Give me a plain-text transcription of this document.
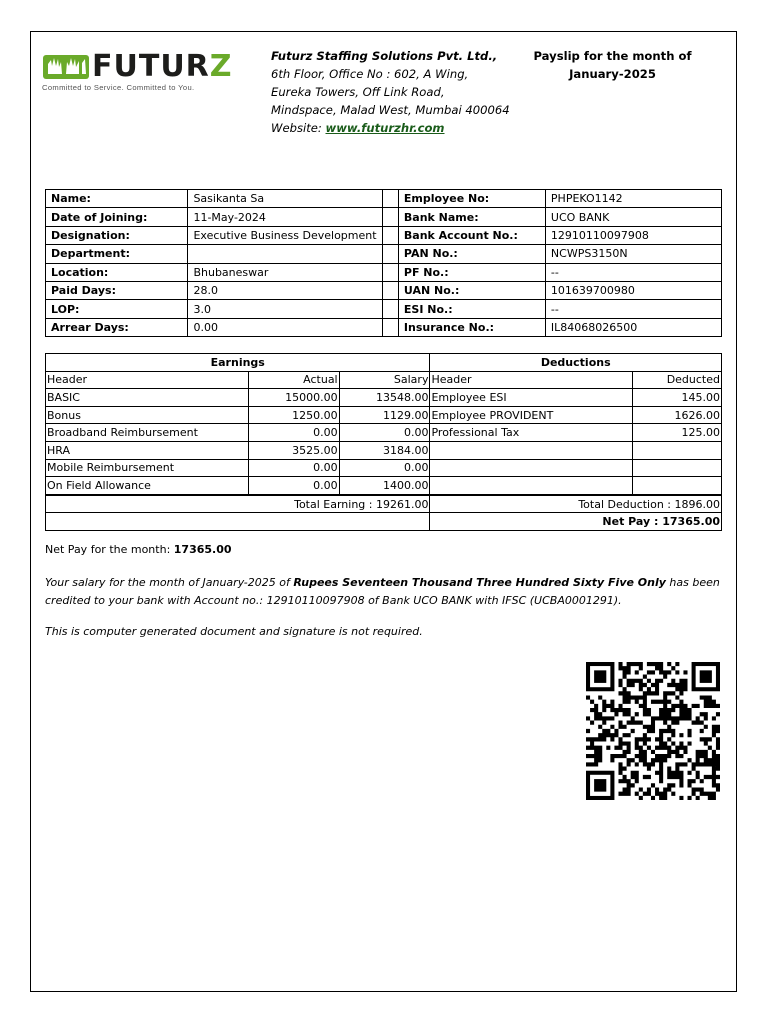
FUTURZ
Committed to Service. Committed to You.
Futurz Staffing Solutions Pvt. Ltd.,
6th Floor, Office No : 602, A Wing,
Eureka Towers, Off Link Road,
Mindspace, Malad West, Mumbai 400064
Website: www.futurzhr.com
Payslip for the month of
January-2025
Name:	Sasikanta Sa		Employee No:	PHPEKO1142
Date of Joining:	11-May-2024		Bank Name:	UCO BANK
Designation:	Executive Business Development		Bank Account No.:	12910110097908
Department:			PAN No.:	NCWPS3150N
Location:	Bhubaneswar		PF No.:	--
Paid Days:	28.0		UAN No.:	101639700980
LOP:	3.0		ESI No.:	--
Arrear Days:	0.00		Insurance No.:	IL84068026500
Earnings			Deductions	
Header	Actual	Salary	Header	Deducted
BASIC	15000.00	13548.00	Employee ESI	145.00
Bonus	1250.00	1129.00	Employee PROVIDENT	1626.00
Broadband Reimbursement	0.00	0.00	Professional Tax	125.00
HRA	3525.00	3184.00		
Mobile Reimbursement	0.00	0.00		
On Field Allowance	0.00	1400.00		
Total Earning : 19261.00			Total Deduction : 1896.00	
			Net Pay : 17365.00	
Net Pay for the month: 17365.00
Your salary for the month of January-2025 of Rupees Seventeen Thousand Three Hundred Sixty Five Only has been credited to your bank with Account no.: 12910110097908 of Bank UCO BANK with IFSC (UCBA0001291).
This is computer generated document and signature is not required.
